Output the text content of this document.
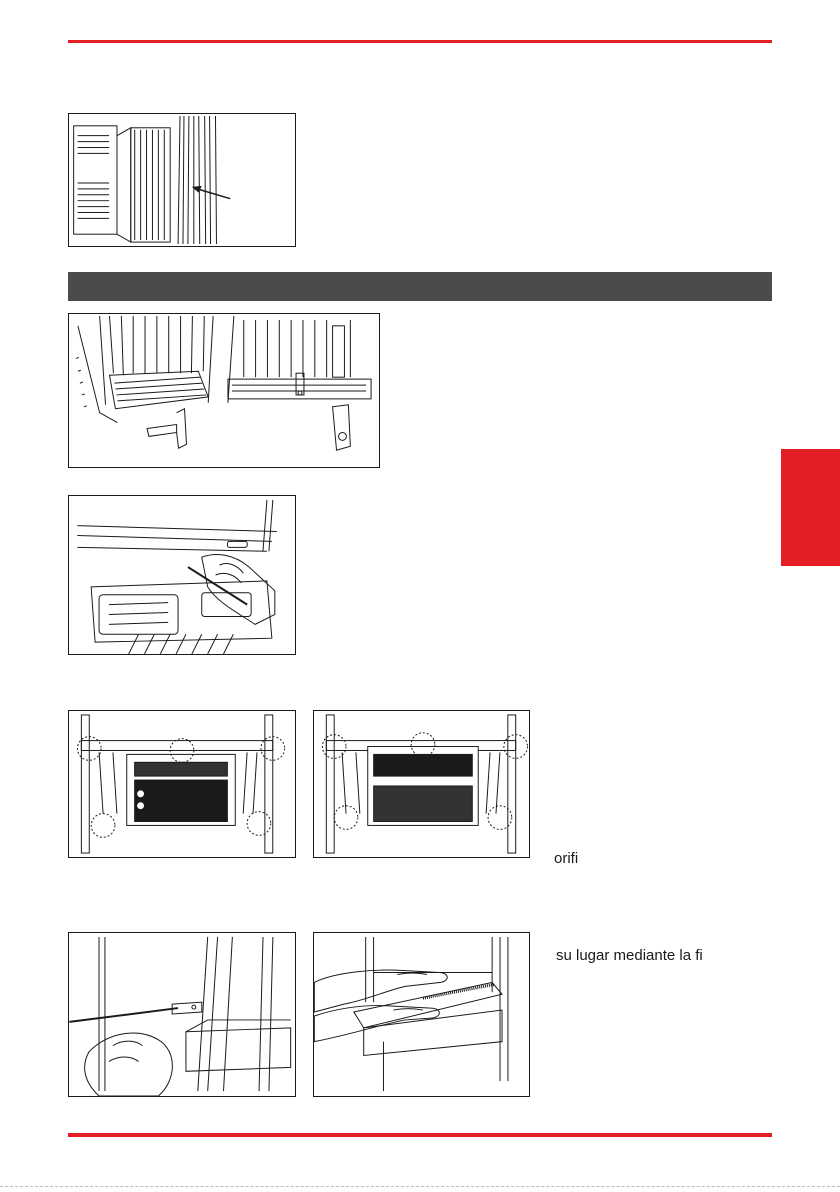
orifi
su lugar mediante la fi
